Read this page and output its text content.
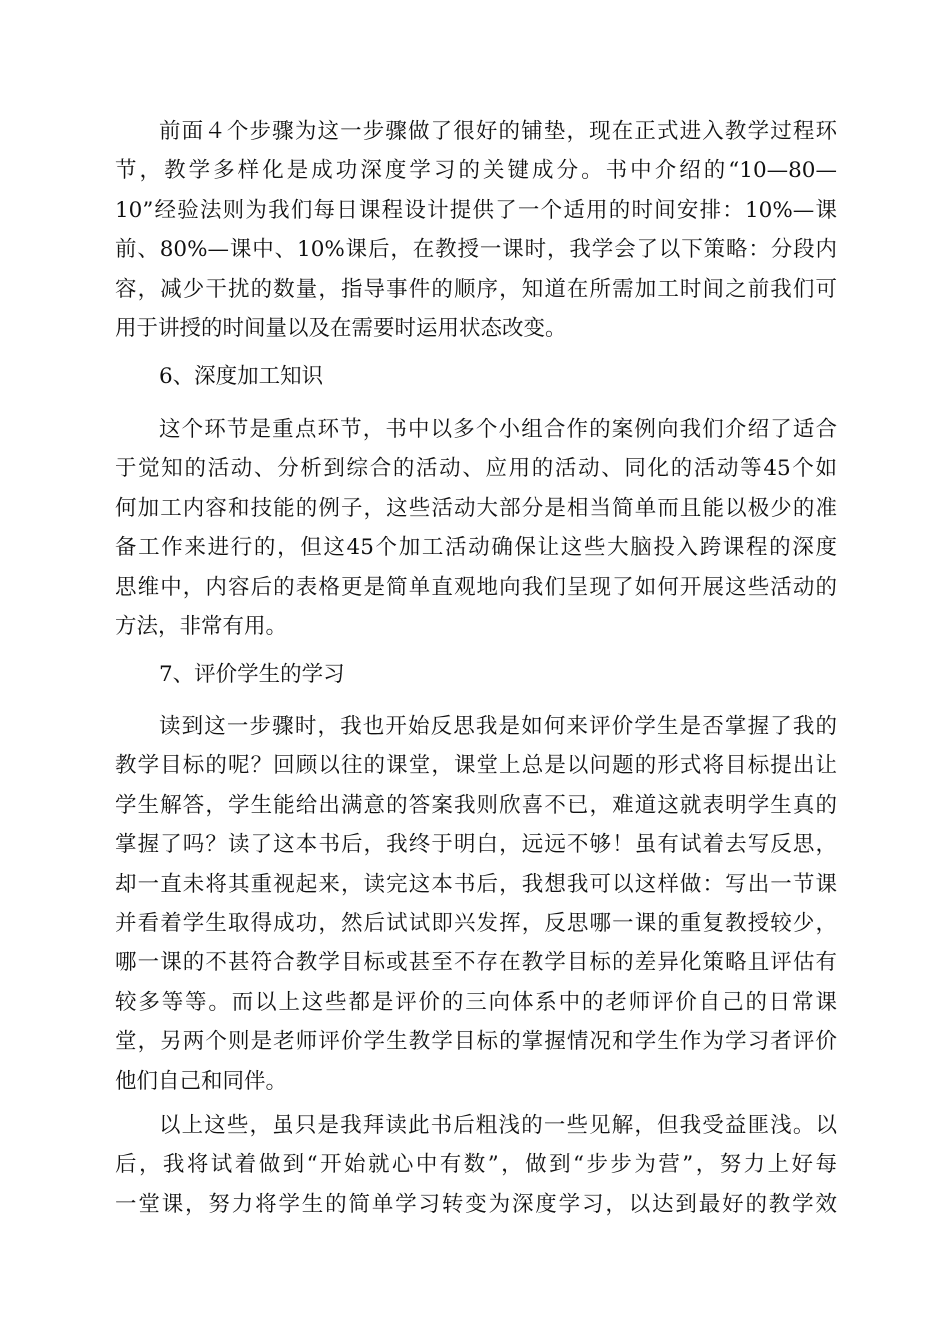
前面４个步骤为这一步骤做了很好的铺垫，现在正式进入教学过程环
节，教学多样化是成功深度学习的关键成分。书中介绍的“10—80—
10”经验法则为我们每日课程设计提供了一个适用的时间安排：10%—课
前、80%—课中、10%课后，在教授一课时，我学会了以下策略：分段内
容，减少干扰的数量，指导事件的顺序，知道在所需加工时间之前我们可
用于讲授的时间量以及在需要时运用状态改变。
6、深度加工知识
这个环节是重点环节，书中以多个小组合作的案例向我们介绍了适合
于觉知的活动、分析到综合的活动、应用的活动、同化的活动等45个如
何加工内容和技能的例子，这些活动大部分是相当简单而且能以极少的准
备工作来进行的，但这45个加工活动确保让这些大脑投入跨课程的深度
思维中，内容后的表格更是简单直观地向我们呈现了如何开展这些活动的
方法，非常有用。
7、评价学生的学习
读到这一步骤时，我也开始反思我是如何来评价学生是否掌握了我的
教学目标的呢？回顾以往的课堂，课堂上总是以问题的形式将目标提出让
学生解答，学生能给出满意的答案我则欣喜不已，难道这就表明学生真的
掌握了吗？读了这本书后，我终于明白，远远不够！虽有试着去写反思，
却一直未将其重视起来，读完这本书后，我想我可以这样做：写出一节课
并看着学生取得成功，然后试试即兴发挥，反思哪一课的重复教授较少，
哪一课的不甚符合教学目标或甚至不存在教学目标的差异化策略且评估有
较多等等。而以上这些都是评价的三向体系中的老师评价自己的日常课
堂，另两个则是老师评价学生教学目标的掌握情况和学生作为学习者评价
他们自己和同伴。
以上这些，虽只是我拜读此书后粗浅的一些见解，但我受益匪浅。以
后，我将试着做到“开始就心中有数”，做到“步步为营”，努力上好每
一堂课，努力将学生的简单学习转变为深度学习，以达到最好的教学效
